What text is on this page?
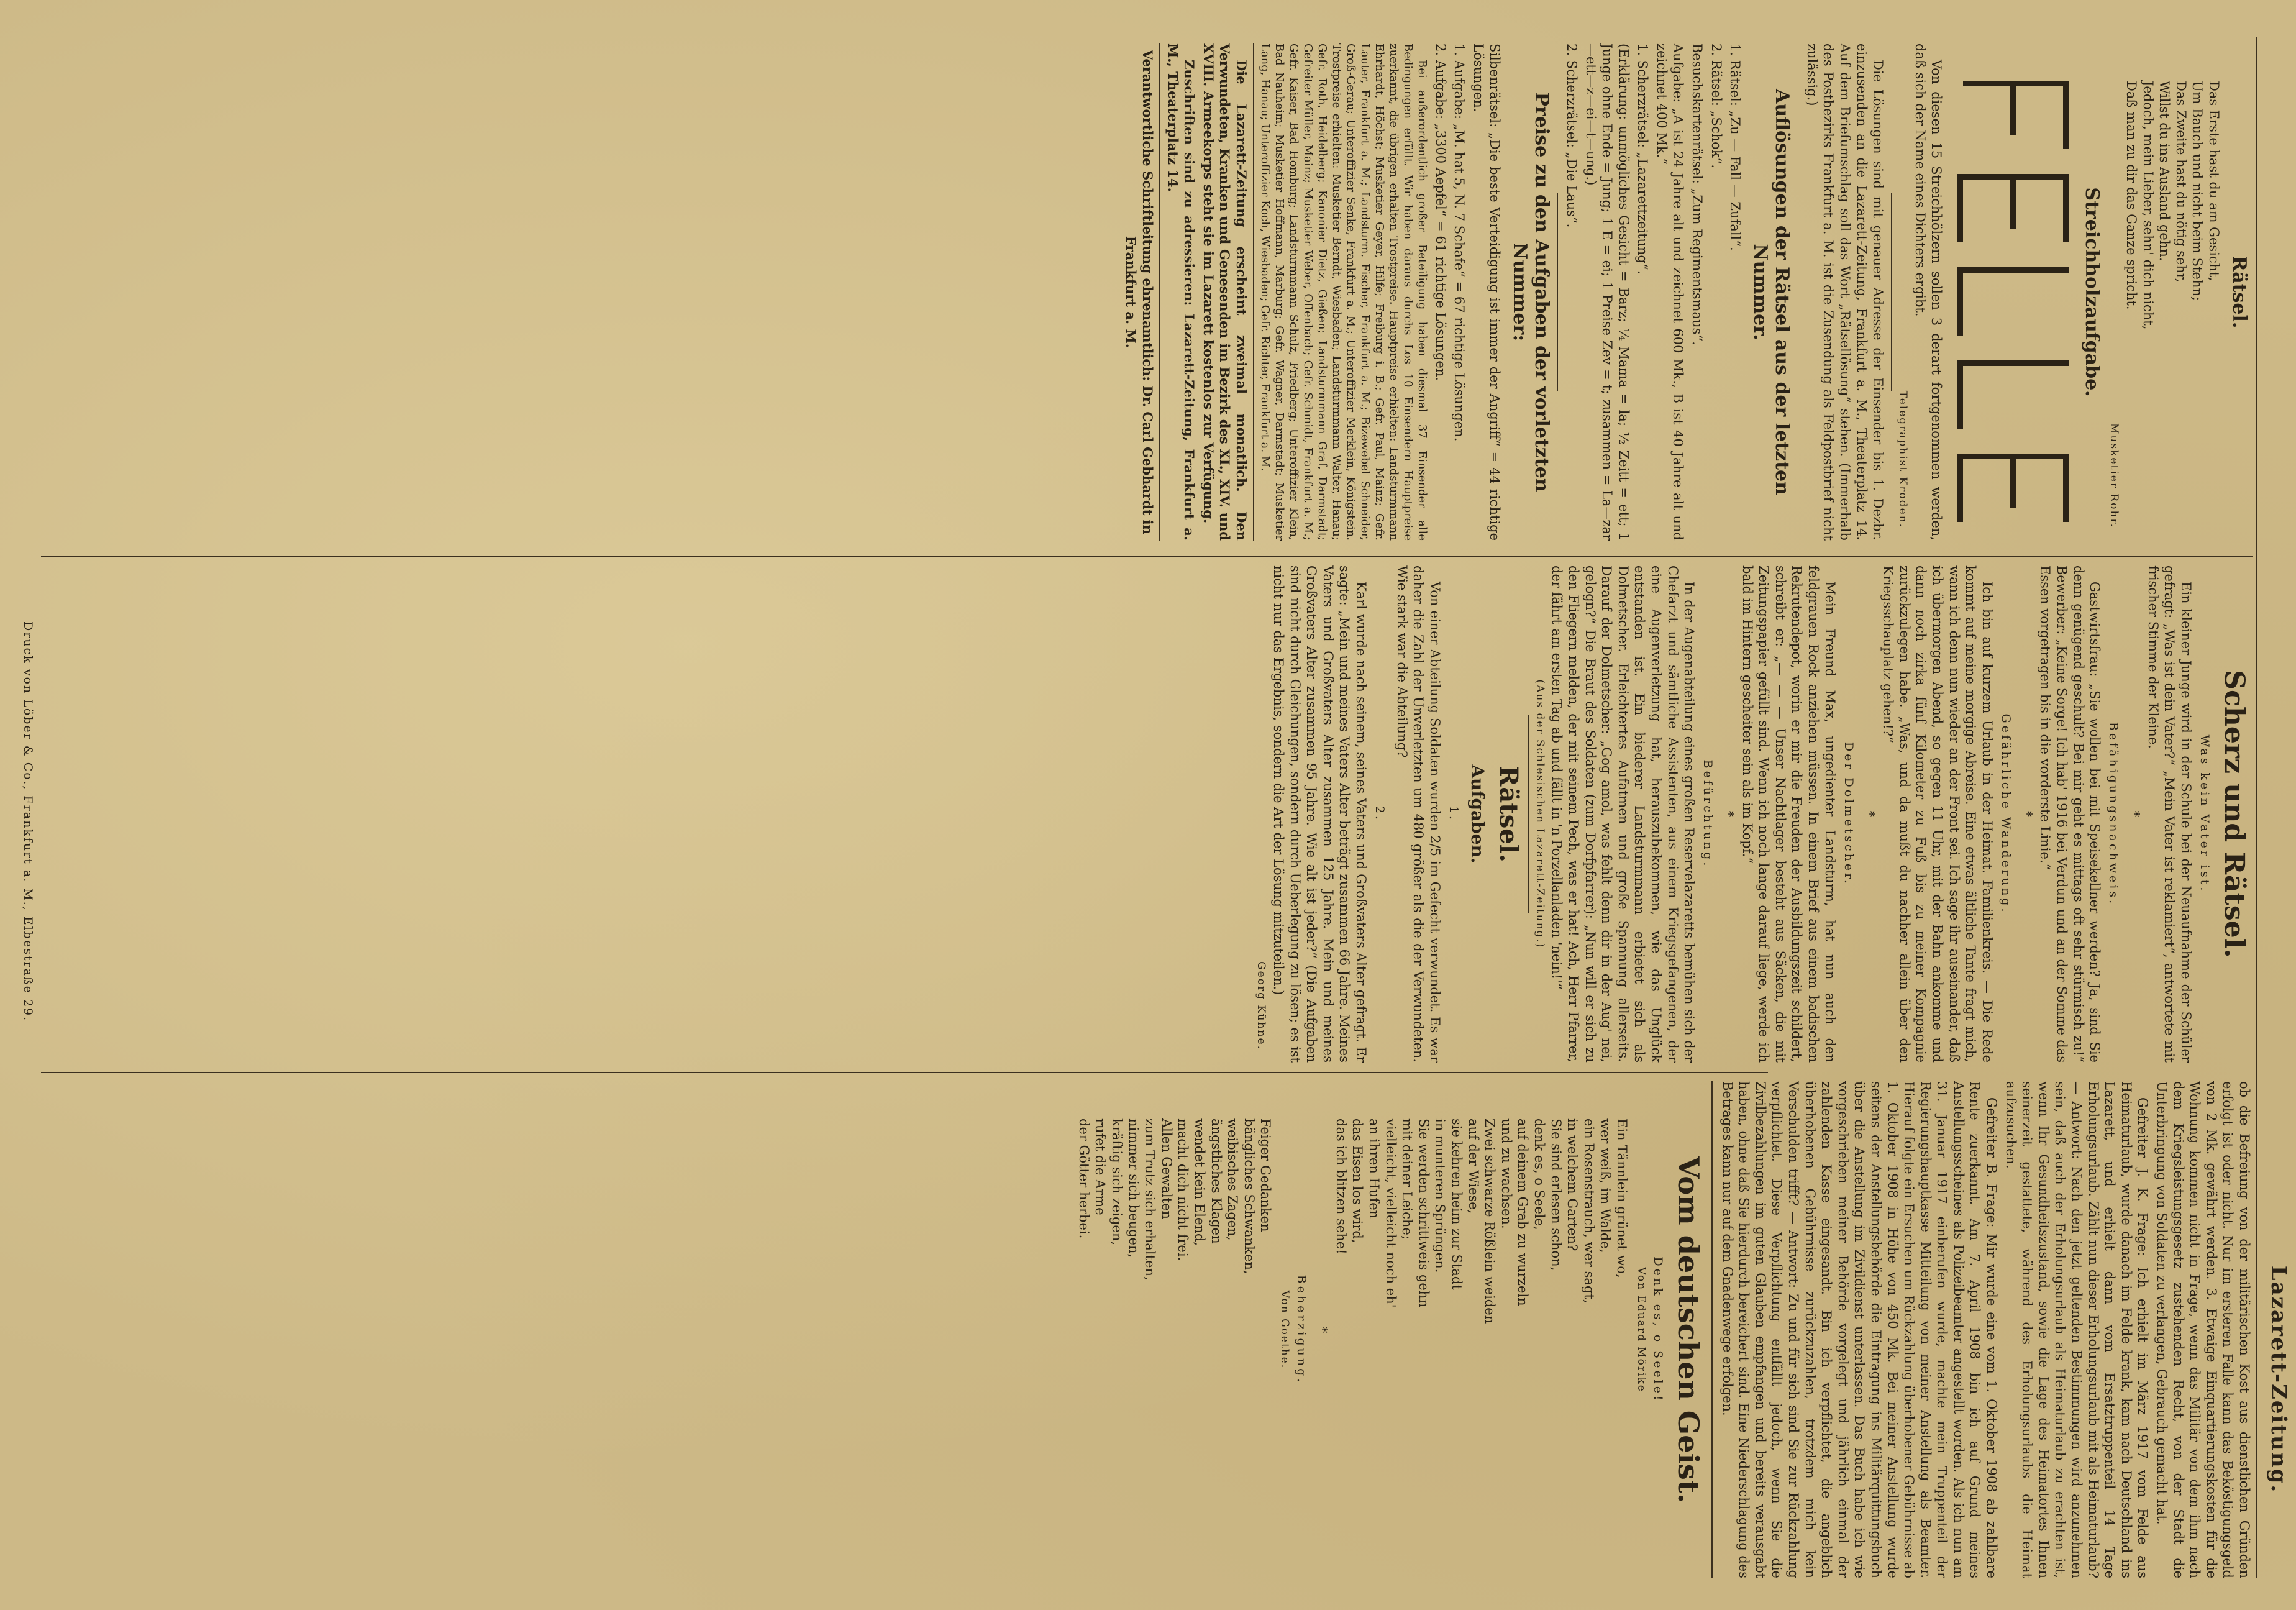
Lazarett-Zeitung.

ob die Befreiung von der militärischen Kost aus dienstlichen Gründen erfolgt ist oder nicht. Nur im ersteren Falle kann das Beköstigungsgeld von 2 Mk. gewährt werden. 3. Etwaige Einquartierungskosten für die Wohnung kommen nicht in Frage, wenn das Militär von dem ihm nach dem Kriegsleistungsgesetz zustehenden Recht, von der Stadt die Unterbringung von Soldaten zu verlangen, Gebrauch gemacht hat.

Gefreiter J. K. Frage: Ich erhielt im März 1917 vom Felde aus Heimaturlaub, wurde danach im Felde krank, kam nach Deutschland ins Lazarett, und erhielt dann vom Ersatztruppenteil 14 Tage Erholungsurlaub. Zählt nun dieser Erholungsurlaub mit als Heimaturlaub? — Antwort: Nach den jetzt geltenden Bestimmungen wird anzunehmen sein, daß auch der Erholungsurlaub als Heimaturlaub zu erachten ist, wenn Ihr Gesundheitszustand, sowie die Lage des Heimatortes Ihnen seinerzeit gestattete, während des Erholungsurlaubs die Heimat aufzusuchen.

Gefreiter B. Frage: Mir wurde eine vom 1. Oktober 1908 ab zahlbare Rente zuerkannt. Am 7. April 1908 bin ich auf Grund meines Anstellungsscheines als Polizeibeamter angestellt worden. Als ich nun am 31. Januar 1917 einberufen wurde, machte mein Truppenteil der Regierungshauptkasse Mitteilung von meiner Anstellung als Beamter. Hierauf folgte ein Ersuchen um Rückzahlung überhobener Gebührnisse ab 1. Oktober 1908 in Höhe von 450 Mk. Bei meiner Anstellung wurde seitens der Anstellungsbehörde die Eintragung ins Militärquittungsbuch über die Anstellung im Zivildienst unterlassen. Das Buch habe ich wie vorgeschrieben meiner Behörde vorgelegt und jährlich einmal der zahlenden Kasse eingesandt. Bin ich verpflichtet, die angeblich überhobenen Gebührnisse zurückzuzahlen, trotzdem mich kein Verschulden trifft? — Antwort: Zu und für sich sind Sie zur Rückzahlung verpflichtet. Diese Verpflichtung entfällt jedoch, wenn Sie die Zivilbezahlungen im guten Glauben empfangen und bereits verausgabt haben, ohne daß Sie hierdurch bereichert sind. Eine Niederschlagung des Betrages kann nur auf dem Gnadenwege erfolgen.

Vom deutschen Geist.

Denk es, o Seele!

Von Eduard Mörike

Ein Tännlein grünet wo,
wer weiß, im Walde,
ein Rosenstrauch, wer sagt,
in welchem Garten?
Sie sind erlesen schon,
denk es, o Seele,
auf deinem Grab zu wurzeln
und zu wachsen.
Zwei schwarze Rößlein weiden
auf der Wiese,
sie kehren heim zur Stadt
in munteren Sprüngen.
Sie werden schrittweis gehn
mit deiner Leiche;
vielleicht, vielleicht noch eh'
an ihren Hufen
das Eisen los wird,
das ich blitzen sehe!

*

Beherzigung.

Von Goethe.

Feiger Gedanken
bängliches Schwanken,
weibisches Zagen,
ängstliches Klagen
wendet kein Elend,
macht dich nicht frei.
Allen Gewalten
zum Trutz sich erhalten,
nimmer sich beugen,
kräftig sich zeigen,
rufet die Arme
der Götter herbei.

Scherz und Rätsel.

Was kein Vater ist.

Ein kleiner Junge wird in der Schule bei der Neuaufnahme der Schüler gefragt: „Was ist dein Vater?“ „Mein Vater ist reklamiert“, antwortete mit frischer Stimme der Kleine.

*

Befähigungsnachweis.

Gastwirtsfrau: „Sie wollen bei mit Speisekellner werden? Ja, sind Sie denn genügend geschult? Bei mir geht es mittags oft sehr stürmisch zu!“ Bewerber: „Keine Sorge! Ich hab' 1916 bei Verdun und an der Somme das Essen vorgetragen bis in die vorderste Linie.“

*

Gefährliche Wanderung.

Ich bin auf kurzem Urlaub in der Heimat. Familienkreis. — Die Rede kommt auf meine morgige Abreise. Eine etwas ältliche Tante fragt mich, wann ich denn nun wieder an der Front sei. Ich sage ihr auseinander, daß ich übermorgen Abend, so gegen 11 Uhr, mit der Bahn ankomme und dann noch zirka fünf Kilometer zu Fuß bis zu meiner Kompagnie zurückzulegen habe. „Was, und da mußt du nachher allein über den Kriegsschauplatz gehen!?“

*

Der Dolmetscher.

Mein Freund Max, ungedienter Landsturm, hat nun auch den feldgrauen Rock anziehen müssen. In einem Brief aus einem badischen Rekrutendepot, worin er mir die Freuden der Ausbildungszeit schildert, schreibt er: „— — — Unser Nachtlager besteht aus Säcken, die mit Zeitungspapier gefüllt sind. Wenn ich noch lange darauf liege, werde ich bald im Hintern gescheiter sein als im Kopf.“

*

Befürchtung.

In der Augenabteilung eines großen Reservelazaretts bemühen sich der Chefarzt und sämtliche Assistenten, aus einem Kriegsgefangenen, der eine Augenverletzung hat, herauszubekommen, wie das Unglück entstanden ist. Ein biederer Landsturmmann erbietet sich als Dolmetscher. Erleichtertes Aufatmen und große Spannung allerseits. Darauf der Dolmetscher: „Gog amol, was fehlt denn dir in der Aug' nei, gelogn?“ Die Braut des Soldaten (zum Dorfpfarrer): „Nun will er sich zu den Fliegern melden, der mit seinem Pech, was er hat! Ach, Herr Pfarrer, der fährt am ersten Tag ab und fällt in 'n Porzellanladen 'nein!'“

(Aus der Schlesischen Lazarett-Zeitung.)

Rätsel.

Aufgaben.

1.

Von einer Abteilung Soldaten wurden 2/5 im Gefecht verwundet. Es war daher die Zahl der Unverletzten um 480 größer als die der Verwundeten. Wie stark war die Abteilung?

2.

Karl wurde nach seinem, seines Vaters und Großvaters Alter gefragt. Er sagte: „Mein und meines Vaters Alter beträgt zusammen 66 Jahre. Meines Vaters und Großvaters Alter zusammen 125 Jahre. Mein und meines Großvaters Alter zusammen 95 Jahre. Wie alt ist jeder?“ (Die Aufgaben sind nicht durch Gleichungen, sondern durch Ueberlegung zu lösen; es ist nicht nur das Ergebnis, sondern die Art der Lösung mitzuteilen.)

Georg Kühne.

Rätsel.

Das Erste hast du am Gesicht,
Um Bauch und nicht beim Stehn;
Das Zweite hast du nötig sehr,
Willst du ins Ausland gehn.
Jedoch, mein Lieber, sehn' dich nicht,
Daß man zu dir das Ganze spricht.

Musketier Rohr.

Streichholzaufgabe.

Von diesen 15 Streichhölzern sollen 3 derart fortgenommen werden, daß sich der Name eines Dichters ergibt.

Telegraphist Kroden.

Die Lösungen sind mit genauer Adresse der Einsender bis 1. Dezbr. einzusenden an die Lazarett-Zeitung, Frankfurt a. M., Theaterplatz 14. Auf dem Briefumschlag soll das Wort „Rätsellösung“ stehen. (Immerhalb des Postbezirks Frankfurt a. M. ist die Zusendung als Feldpostbrief nicht zulässig.)

Auflösungen der Rätsel aus der letzten Nummer.

1. Rätsel: „Zu — Fall — Zufall“.

2. Rätsel: „Schok“.

Besuchskartenrätsel: „Zum Regimentsmaus“.

Aufgabe: „A ist 24 Jahre alt und zeichnet 600 Mk., B ist 40 Jahre alt und zeichnet 400 Mk.“

1. Scherzrätsel: „Lazarettzeitung“.

(Erklärung: unmögliches Gesicht = Barz; ¼ Mama = la; ½ Zeitt = ett; 1 Junge ohne Ende = Jung; 1 E = ei; 1 Preise Zev = t; zusammen = La—zar—ett—z—ei—t—ung.)

2. Scherzrätsel: „Die Laus“.

Preise zu den Aufgaben der vorletzten Nummer:

Silbenrätsel: „Die beste Verteidigung ist immer der Angriff“ = 44 richtige Lösungen.

1. Aufgabe: „M. hat 5, N. 7 Schafe“ = 67 richtige Lösungen.

2. Aufgabe: „3300 Aepfel“ = 61 richtige Lösungen.

Bei außerordentlich großer Beteiligung haben diesmal 37 Einsender alle Bedingungen erfüllt. Wir haben daraus durchs Los 10 Einsendern Hauptpreise zuerkannt, die übrigen erhalten Trostpreise. Hauptpreise erhielten: Landsturmmann Ehrhardt, Höchst; Musketier Geyer, Hilfe; Freiburg i. B.; Gefr. Paul, Mainz; Gefr. Lauter, Frankfurt a. M.; Landsturm. Fischer, Frankfurt a. M.; Bizewebel Schneider, Groß-Gerau; Unteroffizier Senke, Frankfurt a. M.; Unteroffizier Merklein, Königstein. Trostpreise erhielten: Musketier Berndt, Wiesbaden; Landsturmmann Walter, Hanau; Gefr. Roth, Heidelberg; Kanonier Dietz, Gießen; Landsturmmann Graf, Darmstadt; Gefreiter Müller, Mainz; Musketier Weber, Offenbach; Gefr. Schmidt, Frankfurt a. M.; Gefr. Kaiser, Bad Homburg; Landsturmmann Schulz, Friedberg; Unteroffizier Klein, Bad Nauheim; Musketier Hoffmann, Marburg; Gefr. Wagner, Darmstadt; Musketier Lang, Hanau; Unteroffizier Koch, Wiesbaden; Gefr. Richter, Frankfurt a. M.

Die Lazarett-Zeitung erscheint zweimal monatlich. Den Verwundeten, Kranken und Genesenden im Bezirk des XI., XIV. und XVIII. Armeekorps steht sie im Lazarett kostenlos zur Verfügung.

Zuschriften sind zu adressieren: Lazarett-Zeitung, Frankfurt a. M., Theaterplatz 14.

Verantwortliche Schriftleitung ehrenamtlich: Dr. Carl Gebhardt in Frankfurt a. M.

Druck von Löber & Co., Frankfurt a. M., Elbestraße 29.
